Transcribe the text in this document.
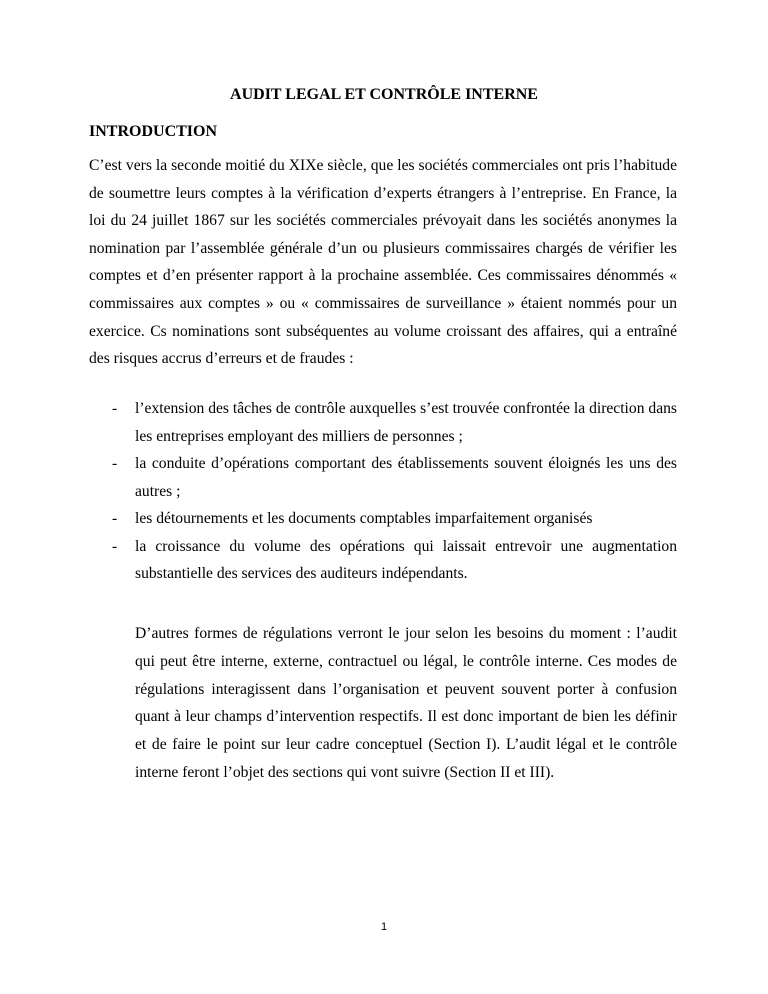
AUDIT LEGAL ET CONTRÔLE INTERNE
INTRODUCTION

C’est vers la seconde moitié du XIXe siècle, que les sociétés commerciales ont pris l’habitude de soumettre leurs comptes à la vérification d’experts étrangers à l’entreprise. En France, la loi du 24 juillet 1867 sur les sociétés commerciales prévoyait dans les sociétés anonymes la nomination par l’assemblée générale d’un ou plusieurs commissaires chargés de vérifier les comptes et d’en présenter rapport à la prochaine assemblée. Ces commissaires dénommés « commissaires aux comptes » ou « commissaires de surveillance » étaient nommés pour un exercice. Cs nominations sont subséquentes au volume croissant des affaires, qui a entraîné des risques accrus d’erreurs et de fraudes :

- l’extension des tâches de contrôle auxquelles s’est trouvée confrontée la direction dans les entreprises employant des milliers de personnes ;
- la conduite d’opérations comportant des établissements souvent éloignés les uns des autres ;
- les détournements et les documents comptables imparfaitement organisés
- la croissance du volume des opérations qui laissait entrevoir une augmentation substantielle des services des auditeurs indépendants.

D’autres formes de régulations verront le jour selon les besoins du moment : l’audit qui peut être interne, externe, contractuel ou légal, le contrôle interne. Ces modes de régulations interagissent dans l’organisation et peuvent souvent porter à confusion quant à leur champs d’intervention respectifs. Il est donc important de bien les définir et de faire le point sur leur cadre conceptuel (Section I). L’audit légal et le contrôle interne feront l’objet des sections qui vont suivre (Section II et III).

1
